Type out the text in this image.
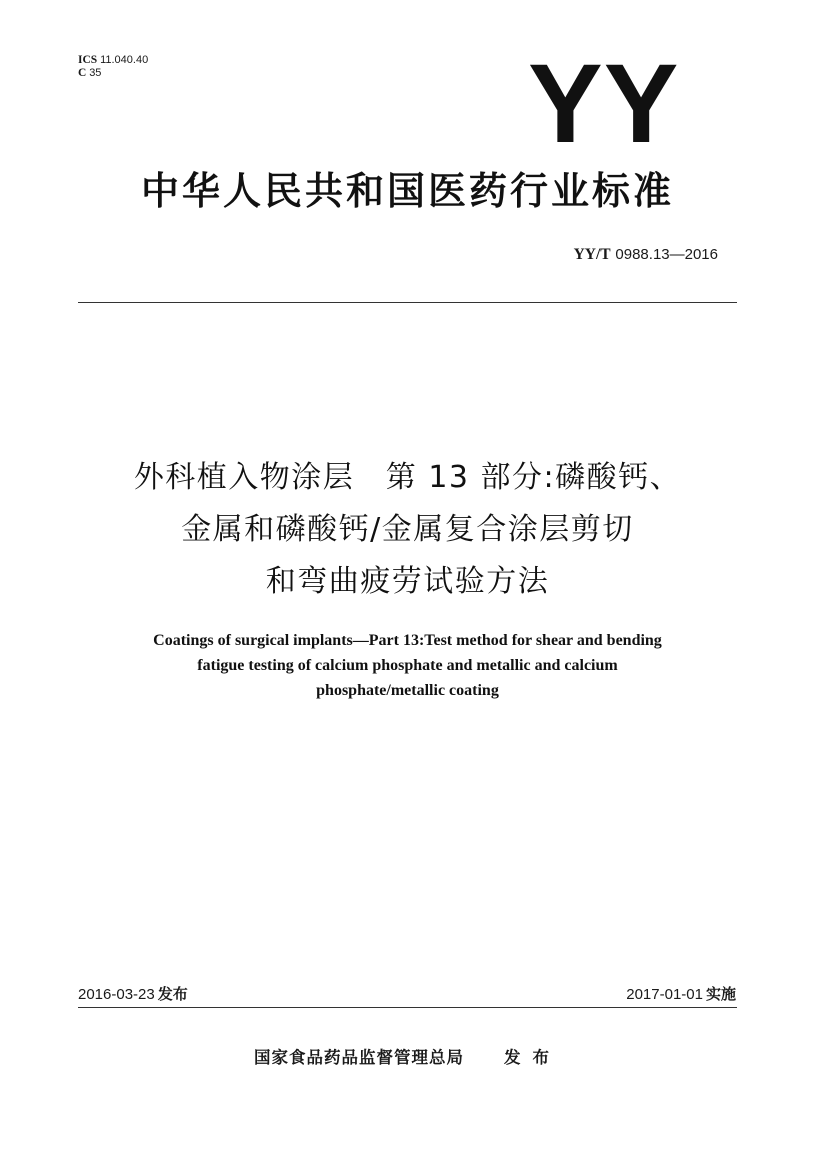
ICS 11.040.40
C 35	YY
中华人民共和国医药行业标准
YY/T 0988.13—2016
外科植入物涂层　第 13 部分:磷酸钙、
金属和磷酸钙/金属复合涂层剪切
和弯曲疲劳试验方法
Coatings of surgical implants—Part 13:Test method for shear and bending
fatigue testing of calcium phosphate and metallic and calcium
phosphate/metallic coating
2016-03-23 发布	2017-01-01 实施
国家食品药品监督管理总局 发布
